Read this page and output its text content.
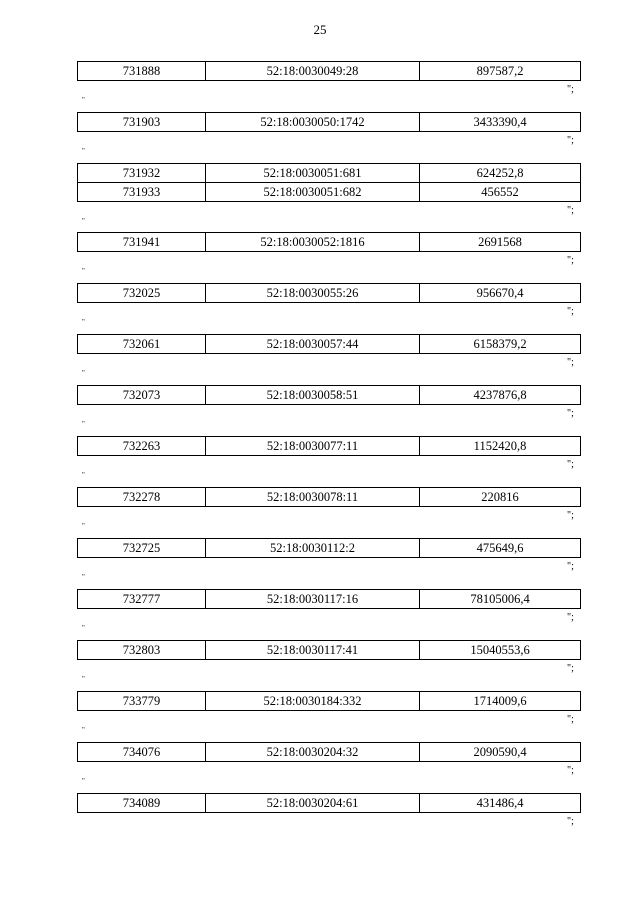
25
731888	52:18:0030049:28	897587,2
";
"
731903	52:18:0030050:1742	3433390,4
";
"
731932	52:18:0030051:681	624252,8
731933	52:18:0030051:682	456552
";
"
731941	52:18:0030052:1816	2691568
";
"
732025	52:18:0030055:26	956670,4
";
"
732061	52:18:0030057:44	6158379,2
";
"
732073	52:18:0030058:51	4237876,8
";
"
732263	52:18:0030077:11	1152420,8
";
"
732278	52:18:0030078:11	220816
";
"
732725	52:18:0030112:2	475649,6
";
"
732777	52:18:0030117:16	78105006,4
";
"
732803	52:18:0030117:41	15040553,6
";
"
733779	52:18:0030184:332	1714009,6
";
"
734076	52:18:0030204:32	2090590,4
";
"
734089	52:18:0030204:61	431486,4
";
